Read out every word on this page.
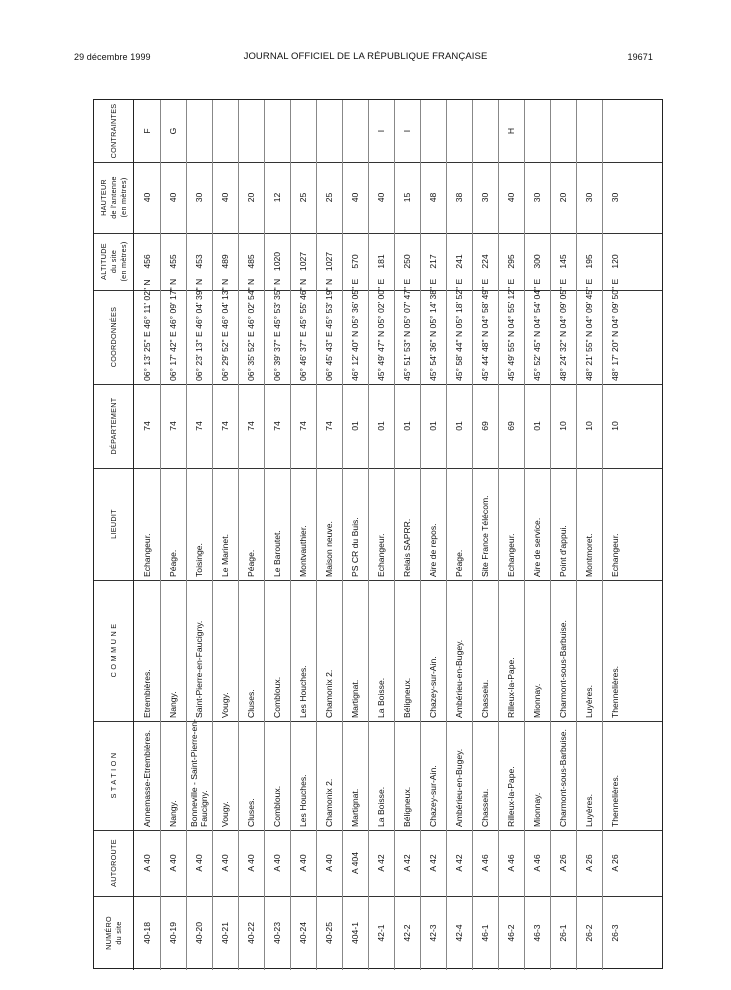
29 décembre 1999	JOURNAL OFFICIEL DE LA RÉPUBLIQUE FRANÇAISE	19671
CONTRAINTES
HAUTEUR de l'antenne (en mètres)
ALTITUDE du site (en mètres)
COORDONNÉES
DÉPARTEMENT
LIEUDIT
C O M M U N E
S T A T I O N
AUTOROUTE
NUMÉRO du site
F
40
456
06° 13' 25" E 46° 11' 02" N
74
Echangeur.
Etrembières.
Annemasse-Etrembières.
A 40
40-18
G
40
455
06° 17' 42" E 46° 09' 17" N
74
Péage.
Nangy.
Nangy.
A 40
40-19
30
453
06° 23' 13" E 46° 04' 39" N
74
Toisinge.
Saint-Pierre-en-Faucigny.
Bonneville - Saint-Pierre-en- Faucigny.
A 40
40-20
40
489
06° 29' 52" E 46° 04' 13" N
74
Le Marinet.
Vougy.
Vougy.
A 40
40-21
20
485
06° 35' 52" E 46° 02' 54" N
74
Péage.
Cluses.
Cluses.
A 40
40-22
12
1020
06° 39' 37" E 45° 53' 35" N
74
Le Baroutet.
Combloux.
Combloux.
A 40
40-23
25
1027
06° 46' 37" E 45° 55' 46" N
74
Montvauthier.
Les Houches.
Les Houches.
A 40
40-24
25
1027
06° 45' 43" E 45° 53' 19" N
74
Maison neuve.
Chamonix 2.
Chamonix 2.
A 40
40-25
40
570
46° 12' 40" N 05° 36' 05" E
01
PS CR du Buis.
Martignat.
Martignat.
A 404
404-1
I
40
181
45° 49' 47" N 05° 02' 00" E
01
Echangeur.
La Boisse.
La Boisse.
A 42
42-1
I
15
250
45° 51' 53" N 05° 07' 47" E
01
Relais SAPRR.
Béligneux.
Béligneux.
A 42
42-2
48
217
45° 54' 36" N 05° 14' 38" E
01
Aire de repos.
Chazey-sur-Ain.
Chazey-sur-Ain.
A 42
42-3
38
241
45° 58' 44" N 05° 18' 52" E
01
Péage.
Ambérieu-en-Bugey.
Ambérieu-en-Bugey.
A 42
42-4
30
224
45° 44' 48" N 04° 58' 49" E
69
Site France Télécom.
Chasseiu.
Chasseiu.
A 46
46-1
H
40
295
45° 49' 55" N 04° 55' 12" E
69
Echangeur.
Rilleux-la-Pape.
Rilleux-la-Pape.
A 46
46-2
30
300
45° 52' 45" N 04° 54' 04" E
01
Aire de service.
Mionnay.
Mionnay.
A 46
46-3
20
145
48° 24' 32" N 04° 09' 05" E
10
Point d'appui.
Charmont-sous-Barbuise.
Charmont-sous-Barbuise.
A 26
26-1
30
195
48° 21' 55" N 04° 09' 45" E
10
Montmoret.
Luyères.
Luyères.
A 26
26-2
30
120
48° 17' 20" N 04° 09' 50" E
10
Echangeur.
Thennelières.
Thennelières.
A 26
26-3
